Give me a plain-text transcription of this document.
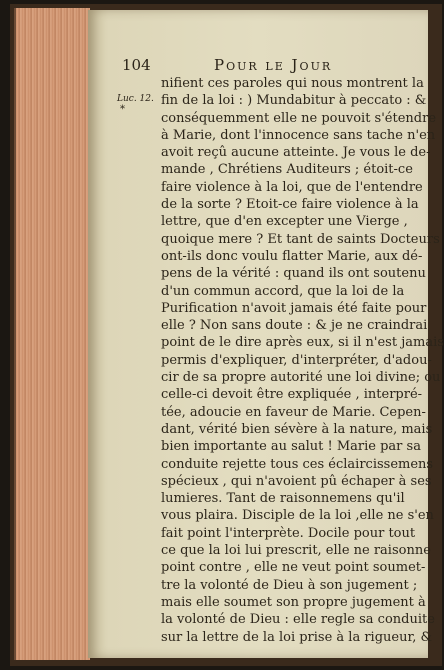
104	Pour le Jour
Luc. 12.
*
nifient ces paroles qui nous montrent la
fin de la loi : ) Mundabitur à peccato : &
conséquemment elle ne pouvoit s'étendre
à Marie, dont l'innocence sans tache n'en
avoit reçû aucune atteinte. Je vous le de-
mande , Chrétiens Auditeurs ; étoit-ce
faire violence à la loi, que de l'entendre
de la sorte ? Etoit-ce faire violence à la
lettre, que d'en excepter une Vierge ,
quoique mere ? Et tant de saints Docteurs
ont-ils donc voulu flatter Marie, aux dé-
pens de la vérité : quand ils ont soutenu
d'un commun accord, que la loi de la
Purification n'avoit jamais été faite pour
elle ? Non sans doute : & je ne craindrai
point de le dire après eux, si il n'est jamais
permis d'expliquer, d'interpréter, d'adou-
cir de sa propre autorité une loi divine; ou
celle-ci devoit être expliquée , interpré-
tée, adoucie en faveur de Marie. Cepen-
dant, vérité bien sévère à la nature, mais
bien importante au salut ! Marie par sa
conduite rejette tous ces éclaircissemens
spécieux , qui n'avoient pû échaper à ses
lumieres. Tant de raisonnemens qu'il
vous plaira. Disciple de la loi ,elle ne s'en
fait point l'interprète. Docile pour tout
ce que la loi lui prescrit, elle ne raisonne
point contre , elle ne veut point soumet-
tre la volonté de Dieu à son jugement ;
mais elle soumet son propre jugement à
la volonté de Dieu : elle regle sa conduite
sur la lettre de la loi prise à la rigueur, &
